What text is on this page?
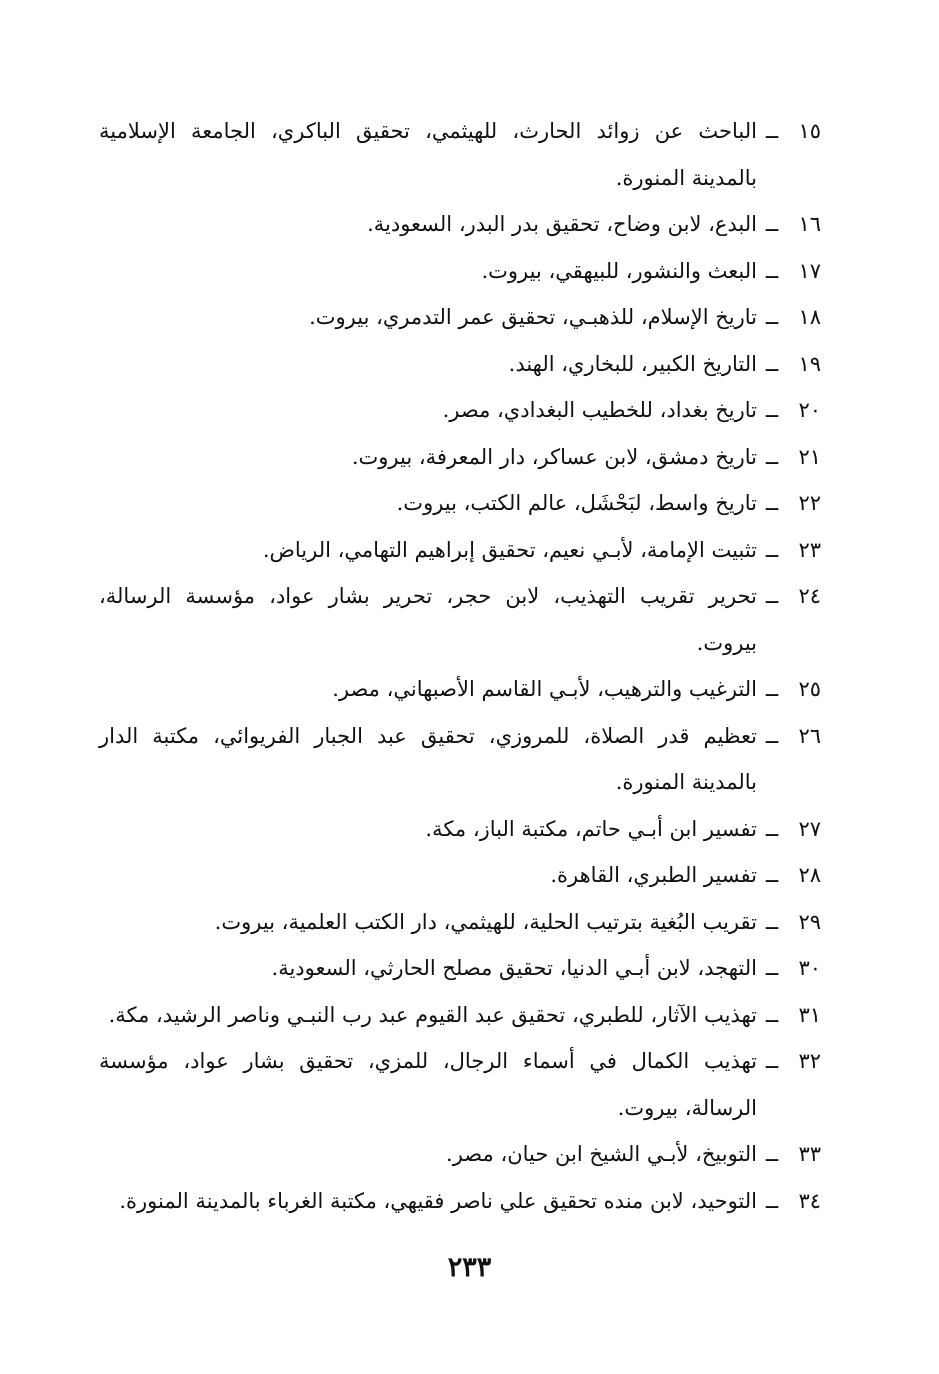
١٥
ــ
الباحث عن زوائد الحارث، للهيثمي، تحقيق الباكري، الجامعة الإسلامية بالمدينة المنورة.
١٦
ــ
البدع، لابن وضاح، تحقيق بدر البدر، السعودية.
١٧
ــ
البعث والنشور، للبيهقي، بيروت.
١٨
ــ
تاريخ الإسلام، للذهبـي، تحقيق عمر التدمري، بيروت.
١٩
ــ
التاريخ الكبير، للبخاري، الهند.
٢٠
ــ
تاريخ بغداد، للخطيب البغدادي، مصر.
٢١
ــ
تاريخ دمشق، لابن عساكر، دار المعرفة، بيروت.
٢٢
ــ
تاريخ واسط، لبَحْشَل، عالم الكتب، بيروت.
٢٣
ــ
تثبيت الإمامة، لأبـي نعيم، تحقيق إبراهيم التهامي، الرياض.
٢٤
ــ
تحرير تقريب التهذيب، لابن حجر، تحرير بشار عواد، مؤسسة الرسالة، بيروت.
٢٥
ــ
الترغيب والترهيب، لأبـي القاسم الأصبهاني، مصر.
٢٦
ــ
تعظيم قدر الصلاة، للمروزي، تحقيق عبد الجبار الفريوائي، مكتبة الدار بالمدينة المنورة.
٢٧
ــ
تفسير ابن أبـي حاتم، مكتبة الباز، مكة.
٢٨
ــ
تفسير الطبري، القاهرة.
٢٩
ــ
تقريب البُغية بترتيب الحلية، للهيثمي، دار الكتب العلمية، بيروت.
٣٠
ــ
التهجد، لابن أبـي الدنيا، تحقيق مصلح الحارثي، السعودية.
٣١
ــ
تهذيب الآثار، للطبري، تحقيق عبد القيوم عبد رب النبـي وناصر الرشيد، مكة.
٣٢
ــ
تهذيب الكمال في أسماء الرجال، للمزي، تحقيق بشار عواد، مؤسسة الرسالة، بيروت.
٣٣
ــ
التوبيخ، لأبـي الشيخ ابن حيان، مصر.
٣٤
ــ
التوحيد، لابن منده تحقيق علي ناصر فقيهي، مكتبة الغرباء بالمدينة المنورة.
٢٣٣
